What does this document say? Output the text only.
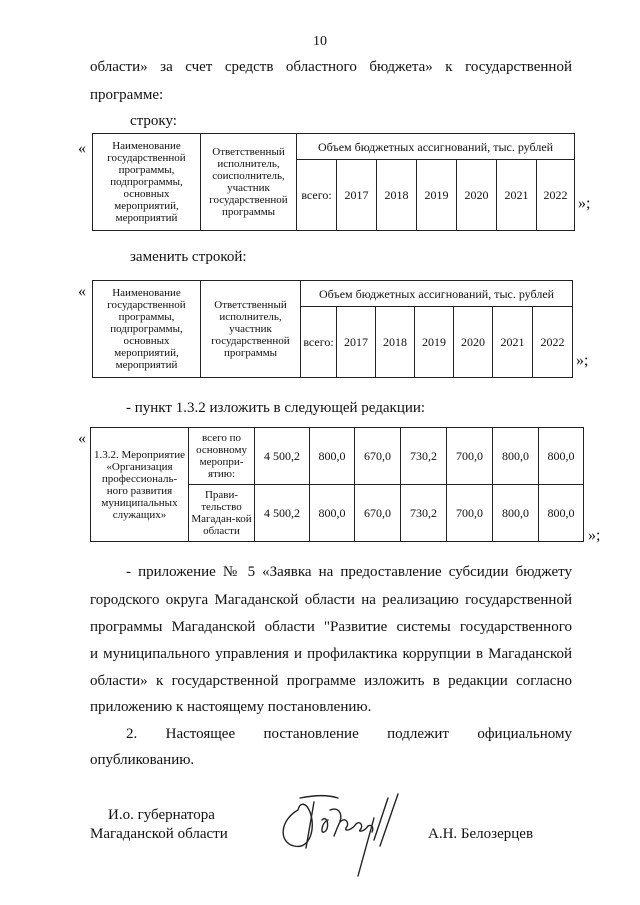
10
области» за счет средств областного бюджета» к государственной
программе:
строку:
« Наименование государственной программы, подпрограммы, основных мероприятий, мероприятий	Ответственный исполнитель, соисполнитель, участник государственной программы	Объем бюджетных ассигнований, тыс. рублей						
		всего:	2017	2018	2019	2020	2021	2022 »;
заменить строкой:
« Наименование государственной программы, подпрограммы, основных мероприятий, мероприятий	Ответственный исполнитель, участник государственной программы	Объем бюджетных ассигнований, тыс. рублей						
		всего:	2017	2018	2019	2020	2021	2022
»;
- пункт 1.3.2 изложить в следующей редакции:
«
1.3.2. Мероприятие «Организация профессиональ-ного развития муниципальных служащих»	всего по основному меропри-ятию:	4 500,2	800,0	670,0	730,2	700,0	800,0	800,0
	Прави-тельство Магадан-кой области	4 500,2	800,0	670,0	730,2	700,0	800,0	800,0
»;
- приложение № 5 «Заявка на предоставление субсидии бюджету
городского округа Магаданской области на реализацию государственной
программы Магаданской области "Развитие системы государственного
и муниципального управления и профилактика коррупции в Магаданской
области» к государственной программе изложить в редакции согласно
приложению к настоящему постановлению.
2. Настоящее постановление подлежит официальному
опубликованию.
И.о. губернатора
Магаданской области	А.Н. Белозерцев
